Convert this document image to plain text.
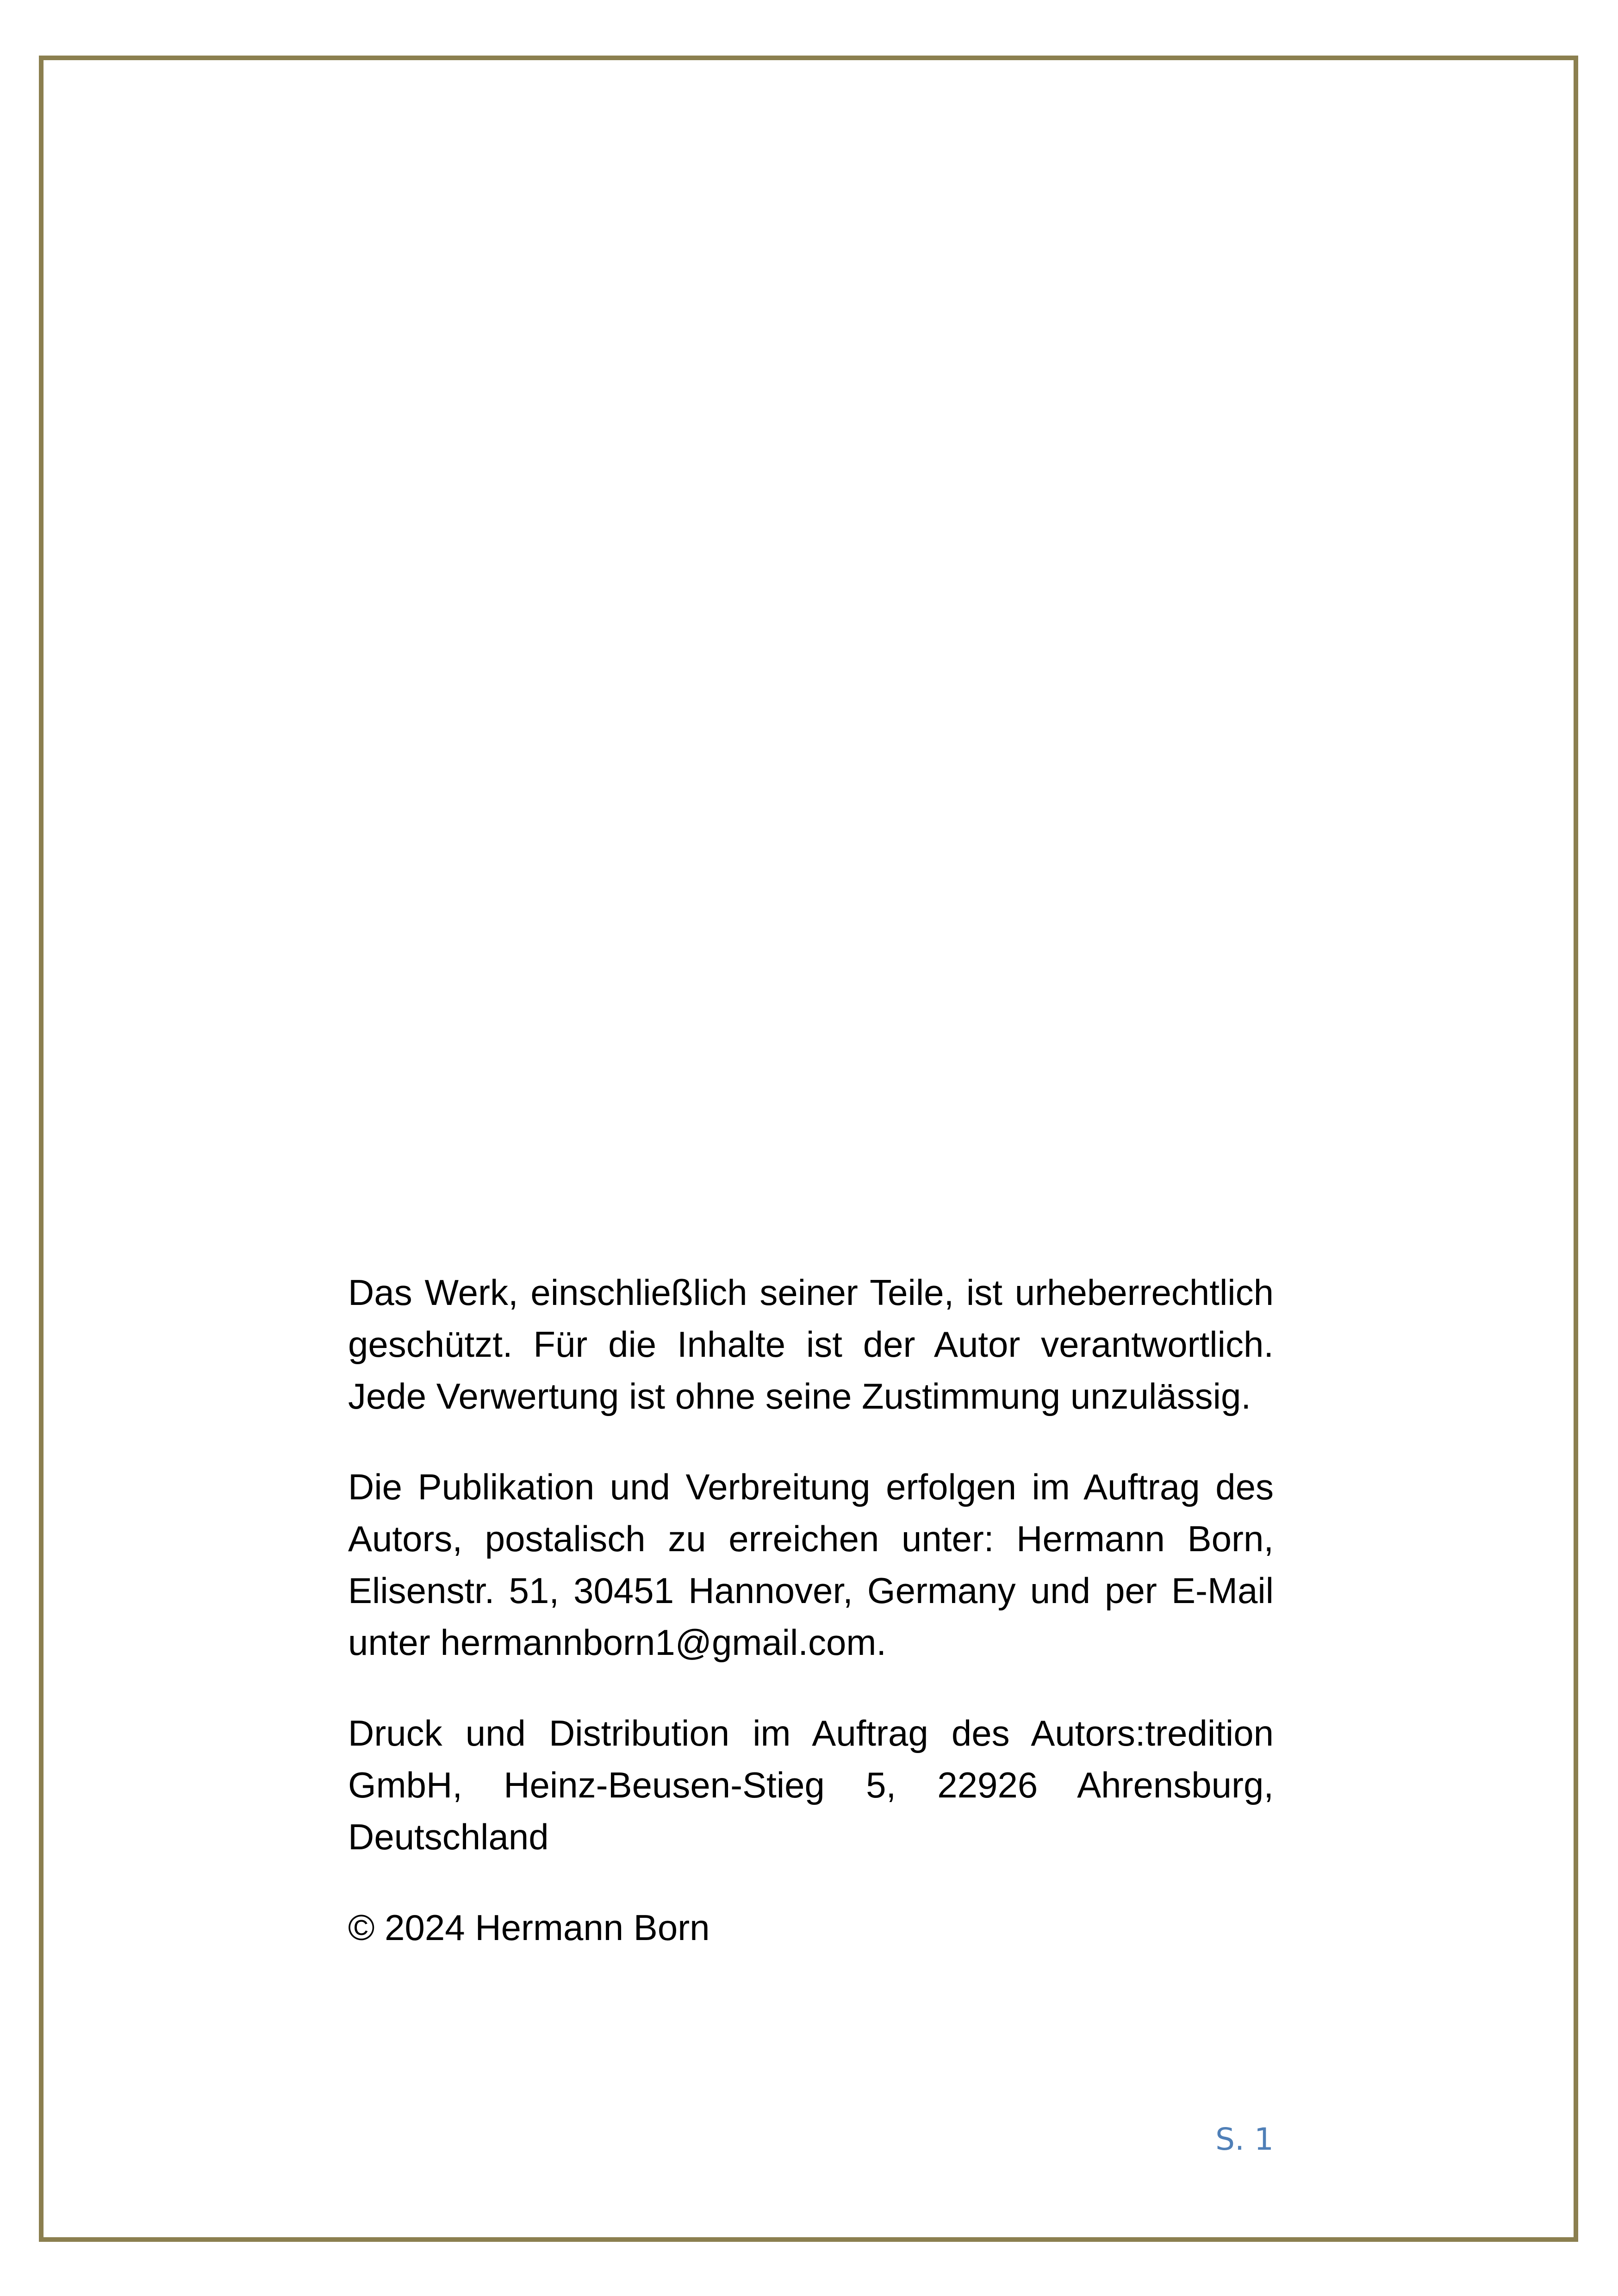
Das Werk, einschließlich seiner Teile, ist urheberrechtlich geschützt. Für die Inhalte ist der Autor verantwortlich. Jede Verwertung ist ohne seine Zustimmung unzulässig.

Die Publikation und Verbreitung erfolgen im Auftrag des Autors, postalisch zu erreichen unter: Hermann Born, Elisenstr. 51, 30451 Hannover, Germany und per E-Mail unter hermannborn1@gmail.com.

Druck und Distribution im Auftrag des Autors:tredition GmbH, Heinz-Beusen-Stieg 5, 22926 Ahrensburg, Deutschland

© 2024 Hermann Born

S. 1
